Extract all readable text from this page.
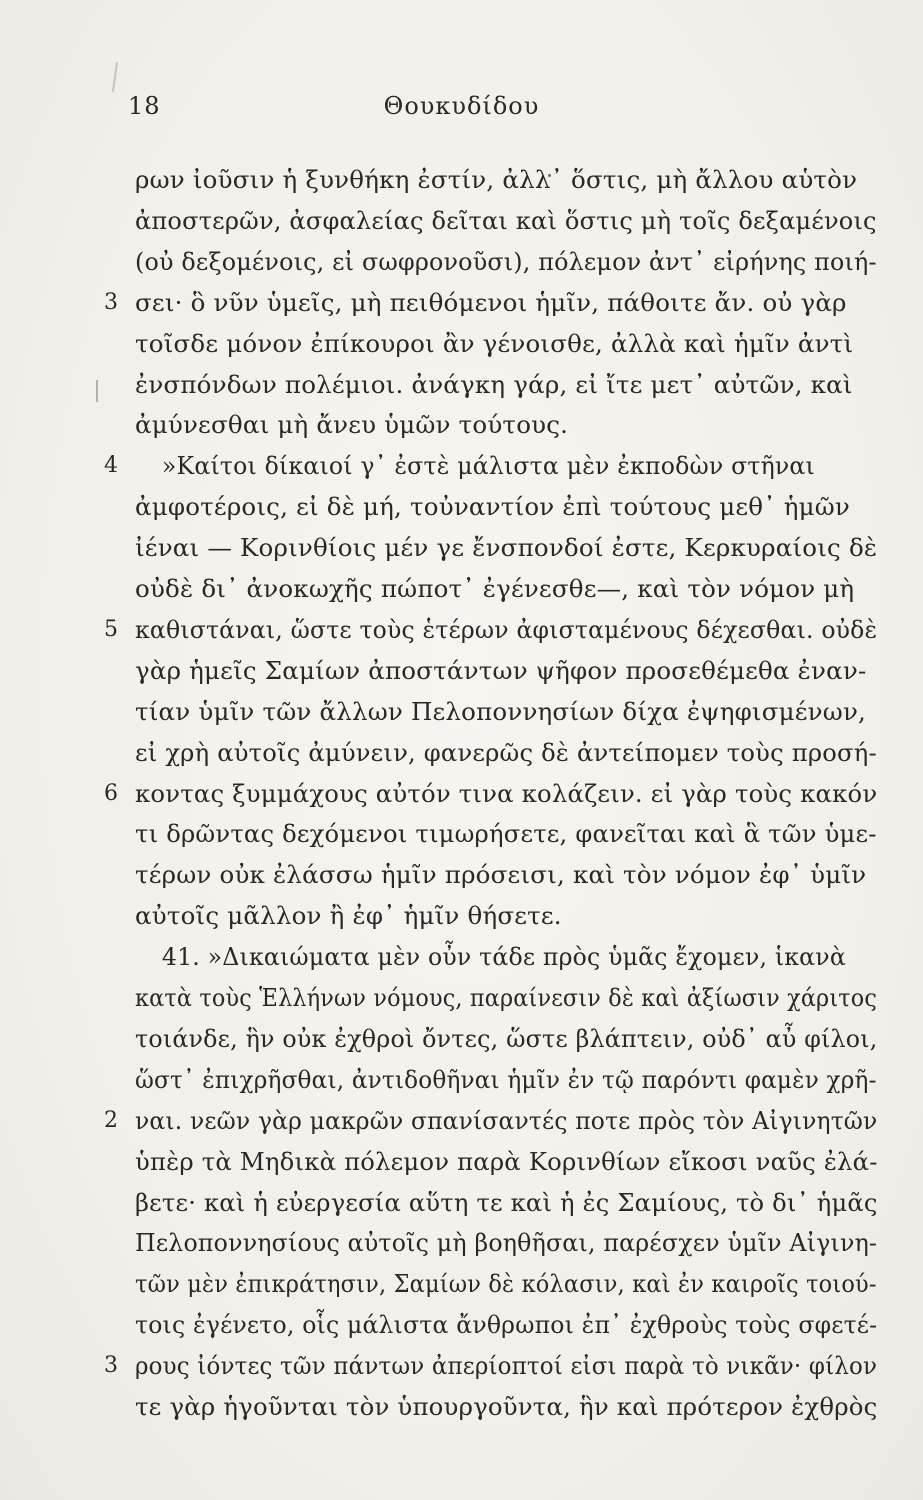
18	Θουκυδίδου
ρων ἰοῦσιν ἡ ξυνθήκη ἐστίν, ἀλλ᾿ ὅστις, μὴ ἄλλου αὑτὸν
ἀποστερῶν, ἀσφαλείας δεῖται καὶ ὅστις μὴ τοῖς δεξαμένοις
(οὐ δεξομένοις, εἰ σωφρονοῦσι), πόλεμον ἀντ᾿ εἰρήνης ποιή-
σει· ὃ νῦν ὑμεῖς, μὴ πειθόμενοι ἡμῖν, πάθοιτε ἄν. οὐ γὰρ
3
τοῖσδε μόνον ἐπίκουροι ἂν γένοισθε, ἀλλὰ καὶ ἡμῖν ἀντὶ
ἐνσπόνδων πολέμιοι. ἀνάγκη γάρ, εἰ ἴτε μετ᾿ αὐτῶν, καὶ
ἀμύνεσθαι μὴ ἄνευ ὑμῶν τούτους.
»Καίτοι δίκαιοί γ᾿ ἐστὲ μάλιστα μὲν ἐκποδὼν στῆναι
4
ἀμφοτέροις, εἰ δὲ μή, τοὐναντίον ἐπὶ τούτους μεθ᾿ ἡμῶν
ἰέναι — Κορινθίοις μέν γε ἔνσπονδοί ἐστε, Κερκυραίοις δὲ
οὐδὲ δι᾿ ἀνοκωχῆς πώποτ᾿ ἐγένεσθε—, καὶ τὸν νόμον μὴ
καθιστάναι, ὥστε τοὺς ἑτέρων ἀφισταμένους δέχεσθαι. οὐδὲ
5
γὰρ ἡμεῖς Σαμίων ἀποστάντων ψῆφον προσεθέμεθα ἐναν-
τίαν ὑμῖν τῶν ἄλλων Πελοποννησίων δίχα ἐψηφισμένων,
εἰ χρὴ αὐτοῖς ἀμύνειν, φανερῶς δὲ ἀντείπομεν τοὺς προσή-
κοντας ξυμμάχους αὐτόν τινα κολάζειν. εἰ γὰρ τοὺς κακόν
6
τι δρῶντας δεχόμενοι τιμωρήσετε, φανεῖται καὶ ἃ τῶν ὑμε-
τέρων οὐκ ἐλάσσω ἡμῖν πρόσεισι, καὶ τὸν νόμον ἐφ᾿ ὑμῖν
αὐτοῖς μᾶλλον ἢ ἐφ᾿ ἡμῖν θήσετε.
41. »Δικαιώματα μὲν οὖν τάδε πρὸς ὑμᾶς ἔχομεν, ἱκανὰ
κατὰ τοὺς Ἑλλήνων νόμους, παραίνεσιν δὲ καὶ ἀξίωσιν χάριτος
τοιάνδε, ἣν οὐκ ἐχθροὶ ὄντες, ὥστε βλάπτειν, οὐδ᾿ αὖ φίλοι,
ὥστ᾿ ἐπιχρῆσθαι, ἀντιδοθῆναι ἡμῖν ἐν τῷ παρόντι φαμὲν χρῆ-
ναι. νεῶν γὰρ μακρῶν σπανίσαντές ποτε πρὸς τὸν Αἰγινητῶν
2
ὑπὲρ τὰ Μηδικὰ πόλεμον παρὰ Κορινθίων εἴκοσι ναῦς ἐλά-
βετε· καὶ ἡ εὐεργεσία αὕτη τε καὶ ἡ ἐς Σαμίους, τὸ δι᾿ ἡμᾶς
Πελοποννησίους αὐτοῖς μὴ βοηθῆσαι, παρέσχεν ὑμῖν Αἰγινη-
τῶν μὲν ἐπικράτησιν, Σαμίων δὲ κόλασιν, καὶ ἐν καιροῖς τοιού-
τοις ἐγένετο, οἷς μάλιστα ἄνθρωποι ἐπ᾿ ἐχθροὺς τοὺς σφετέ-
ρους ἰόντες τῶν πάντων ἀπερίοπτοί εἰσι παρὰ τὸ νικᾶν· φίλον
3
τε γὰρ ἡγοῦνται τὸν ὑπουργοῦντα, ἣν καὶ πρότερον ἐχθρὸς
